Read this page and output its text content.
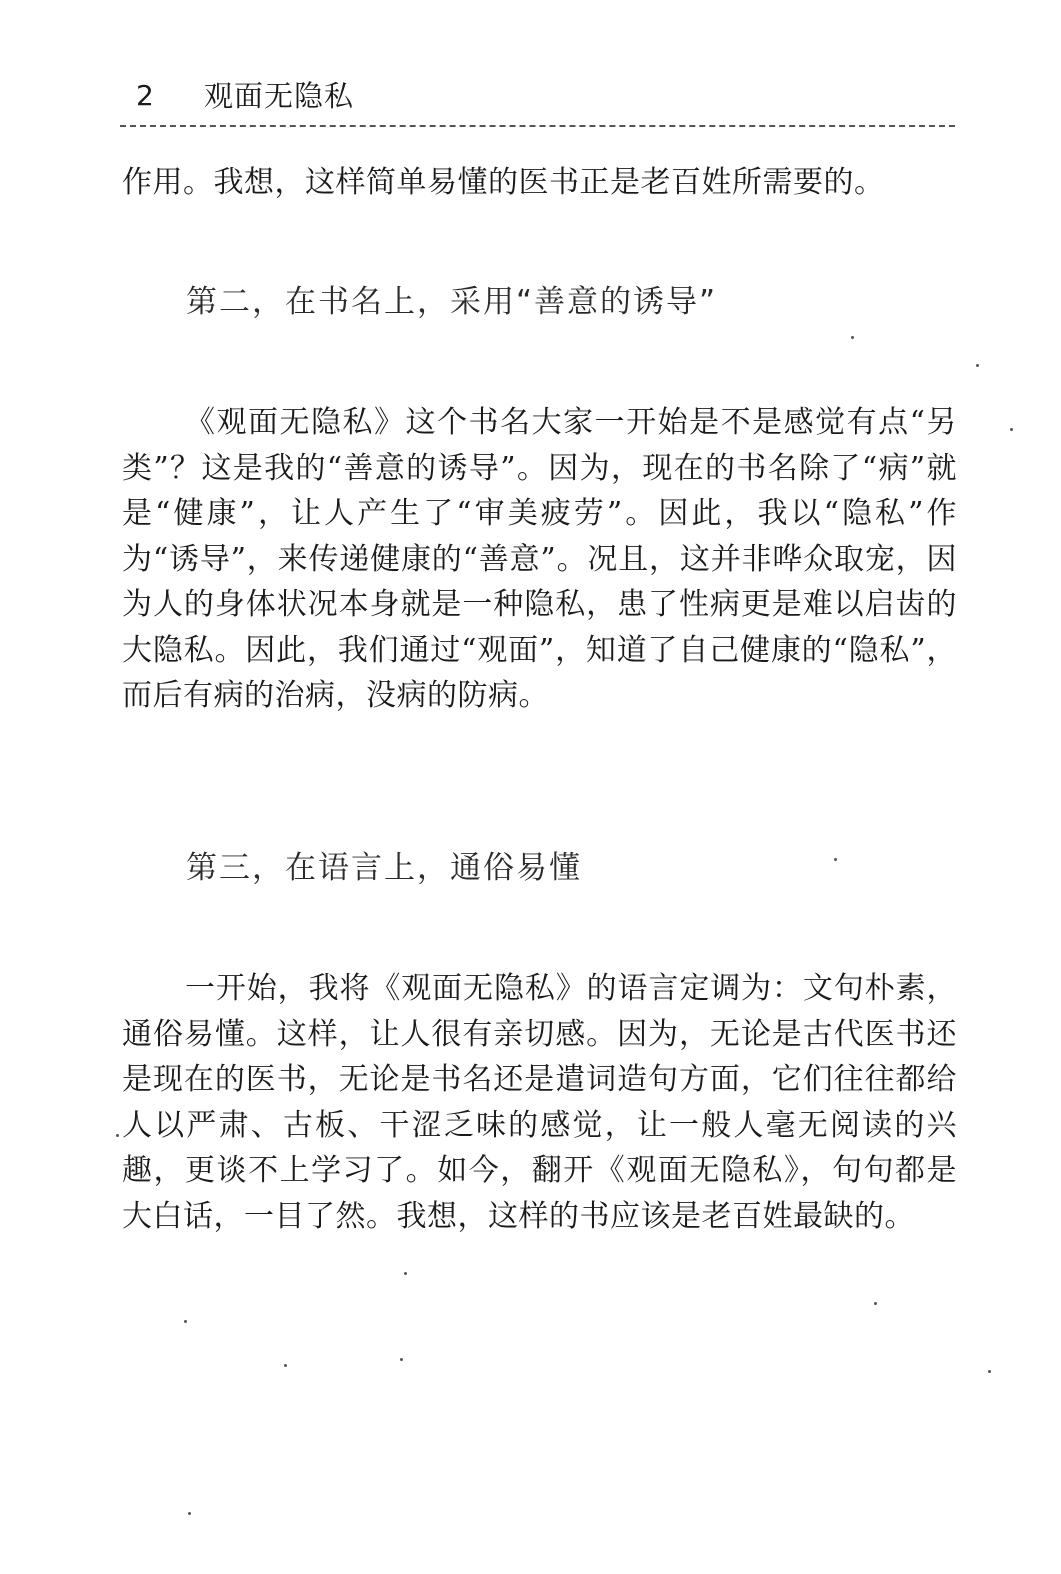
2 观面无隐私
作用。我想，这样简单易懂的医书正是老百姓所需要的。
第二，在书名上，采用“善意的诱导”
《观面无隐私》这个书名大家一开始是不是感觉有点“另类”？这是我的“善意的诱导”。因为，现在的书名除了“病”就是“健康”，让人产生了“审美疲劳”。因此，我以“隐私”作为“诱导”，来传递健康的“善意”。况且，这并非哗众取宠，因为人的身体状况本身就是一种隐私，患了性病更是难以启齿的大隐私。因此，我们通过“观面”，知道了自己健康的“隐私”，而后有病的治病，没病的防病。
第三，在语言上，通俗易懂
一开始，我将《观面无隐私》的语言定调为：文句朴素，通俗易懂。这样，让人很有亲切感。因为，无论是古代医书还是现在的医书，无论是书名还是遣词造句方面，它们往往都给人以严肃、古板、干涩乏味的感觉，让一般人毫无阅读的兴趣，更谈不上学习了。如今，翻开《观面无隐私》，句句都是大白话，一目了然。我想，这样的书应该是老百姓最缺的。
